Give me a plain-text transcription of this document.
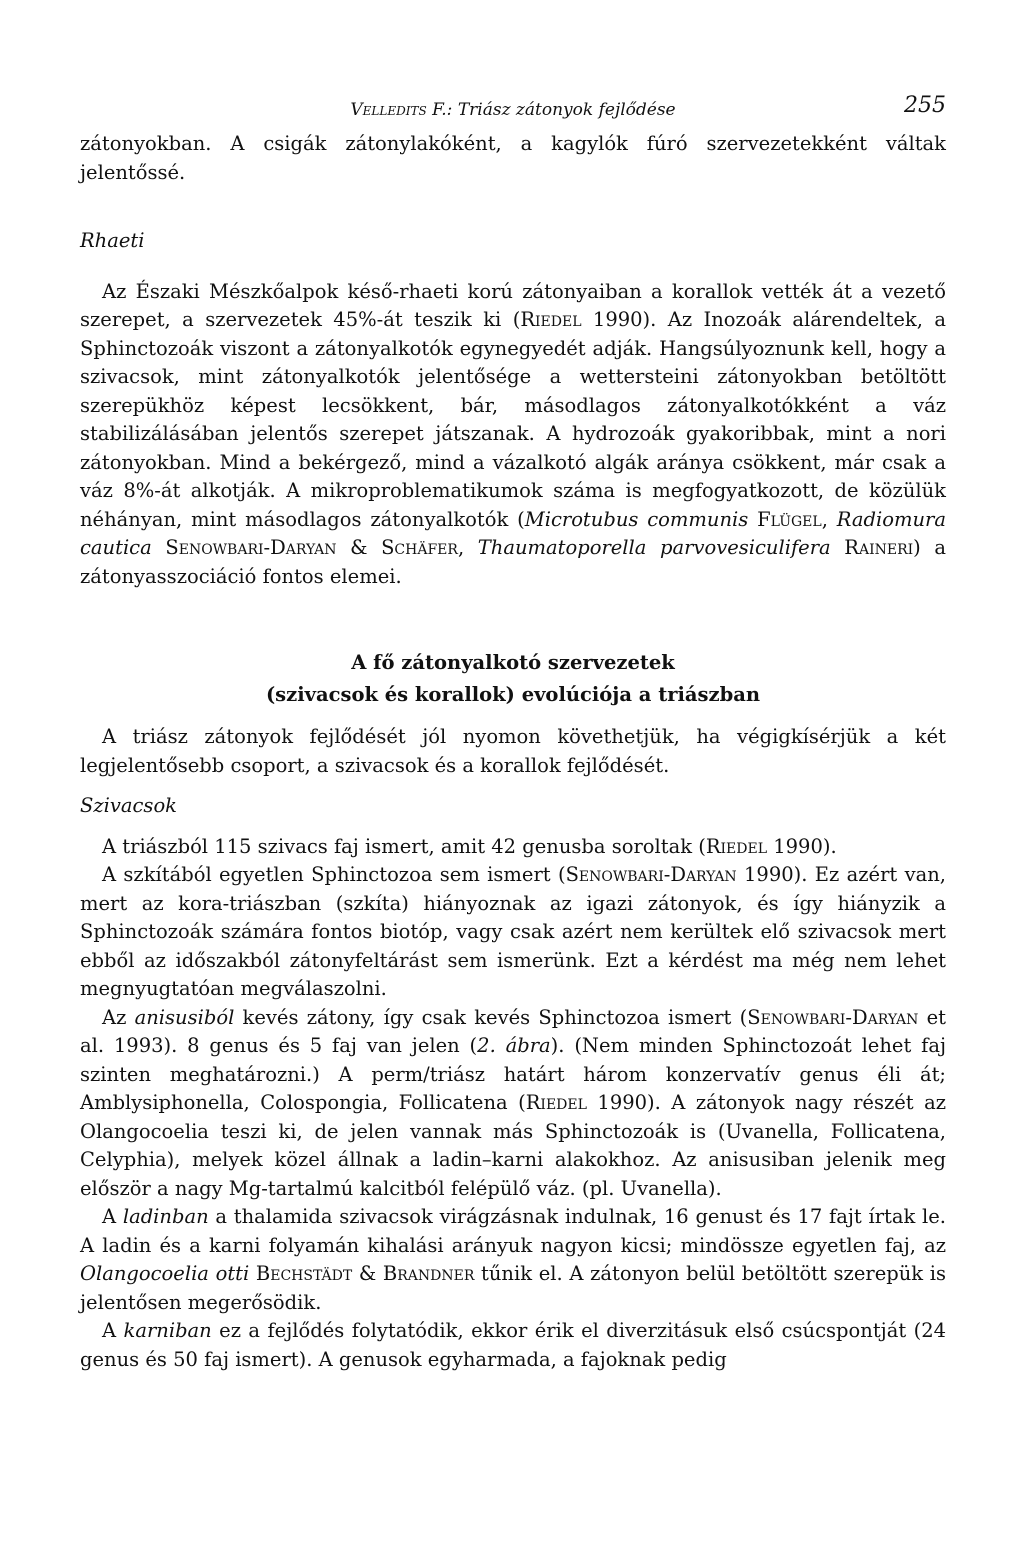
Velledits F.: Triász zátonyok fejlődése	255

zátonyokban. A csigák zátonylakóként, a kagylók fúró szervezetekként váltak jelentőssé.

Rhaeti

Az Északi Mészkőalpok késő-rhaeti korú zátonyaiban a korallok vették át a vezető szerepet, a szervezetek 45%-át teszik ki (Riedel 1990). Az Inozoák alárendeltek, a Sphinctozoák viszont a zátonyalkotók egynegyedét adják. Hangsúlyoznunk kell, hogy a szivacsok, mint zátonyalkotók jelentősége a wettersteini zátonyokban betöltött szerepükhöz képest lecsökkent, bár, másodlagos zátonyalkotókként a váz stabilizálásában jelentős szerepet játszanak. A hydrozoák gyakoribbak, mint a nori zátonyokban. Mind a bekérgező, mind a vázalkotó algák aránya csökkent, már csak a váz 8%-át alkotják. A mikroproblematikumok száma is megfogyatkozott, de közülük néhányan, mint másodlagos zátonyalkotók (Microtubus communis Flügel, Radiomura cautica Senowbari-Daryan & Schäfer, Thaumatoporella parvovesiculifera Raineri) a zátonyasszociáció fontos elemei.

A fő zátonyalkotó szervezetek

(szivacsok és korallok) evolúciója a triászban

A triász zátonyok fejlődését jól nyomon követhetjük, ha végigkísérjük a két legjelentősebb csoport, a szivacsok és a korallok fejlődését.

Szivacsok

A triászból 115 szivacs faj ismert, amit 42 genusba soroltak (Riedel 1990).

A szkítából egyetlen Sphinctozoa sem ismert (Senowbari-Daryan 1990). Ez azért van, mert az kora-triászban (szkíta) hiányoznak az igazi zátonyok, és így hiányzik a Sphinctozoák számára fontos biotóp, vagy csak azért nem kerültek elő szivacsok mert ebből az időszakból zátonyfeltárást sem ismerünk. Ezt a kérdést ma még nem lehet megnyugtatóan megválaszolni.

Az anisusiból kevés zátony, így csak kevés Sphinctozoa ismert (Senowbari-Daryan et al. 1993). 8 genus és 5 faj van jelen (2. ábra). (Nem minden Sphinctozoát lehet faj szinten meghatározni.) A perm/triász határt három konzervatív genus éli át; Amblysiphonella, Colospongia, Follicatena (Riedel 1990). A zátonyok nagy részét az Olangocoelia teszi ki, de jelen vannak más Sphinctozoák is (Uvanella, Follicatena, Celyphia), melyek közel állnak a ladin–karni alakokhoz. Az anisusiban jelenik meg először a nagy Mg-tartalmú kalcitból felépülő váz. (pl. Uvanella).

A ladinban a thalamida szivacsok virágzásnak indulnak, 16 genust és 17 fajt írtak le. A ladin és a karni folyamán kihalási arányuk nagyon kicsi; mindössze egyetlen faj, az Olangocoelia otti Bechstädt & Brandner tűnik el. A zátonyon belül betöltött szerepük is jelentősen megerősödik.

A karniban ez a fejlődés folytatódik, ekkor érik el diverzitásuk első csúcspontját (24 genus és 50 faj ismert). A genusok egyharmada, a fajoknak pedig
